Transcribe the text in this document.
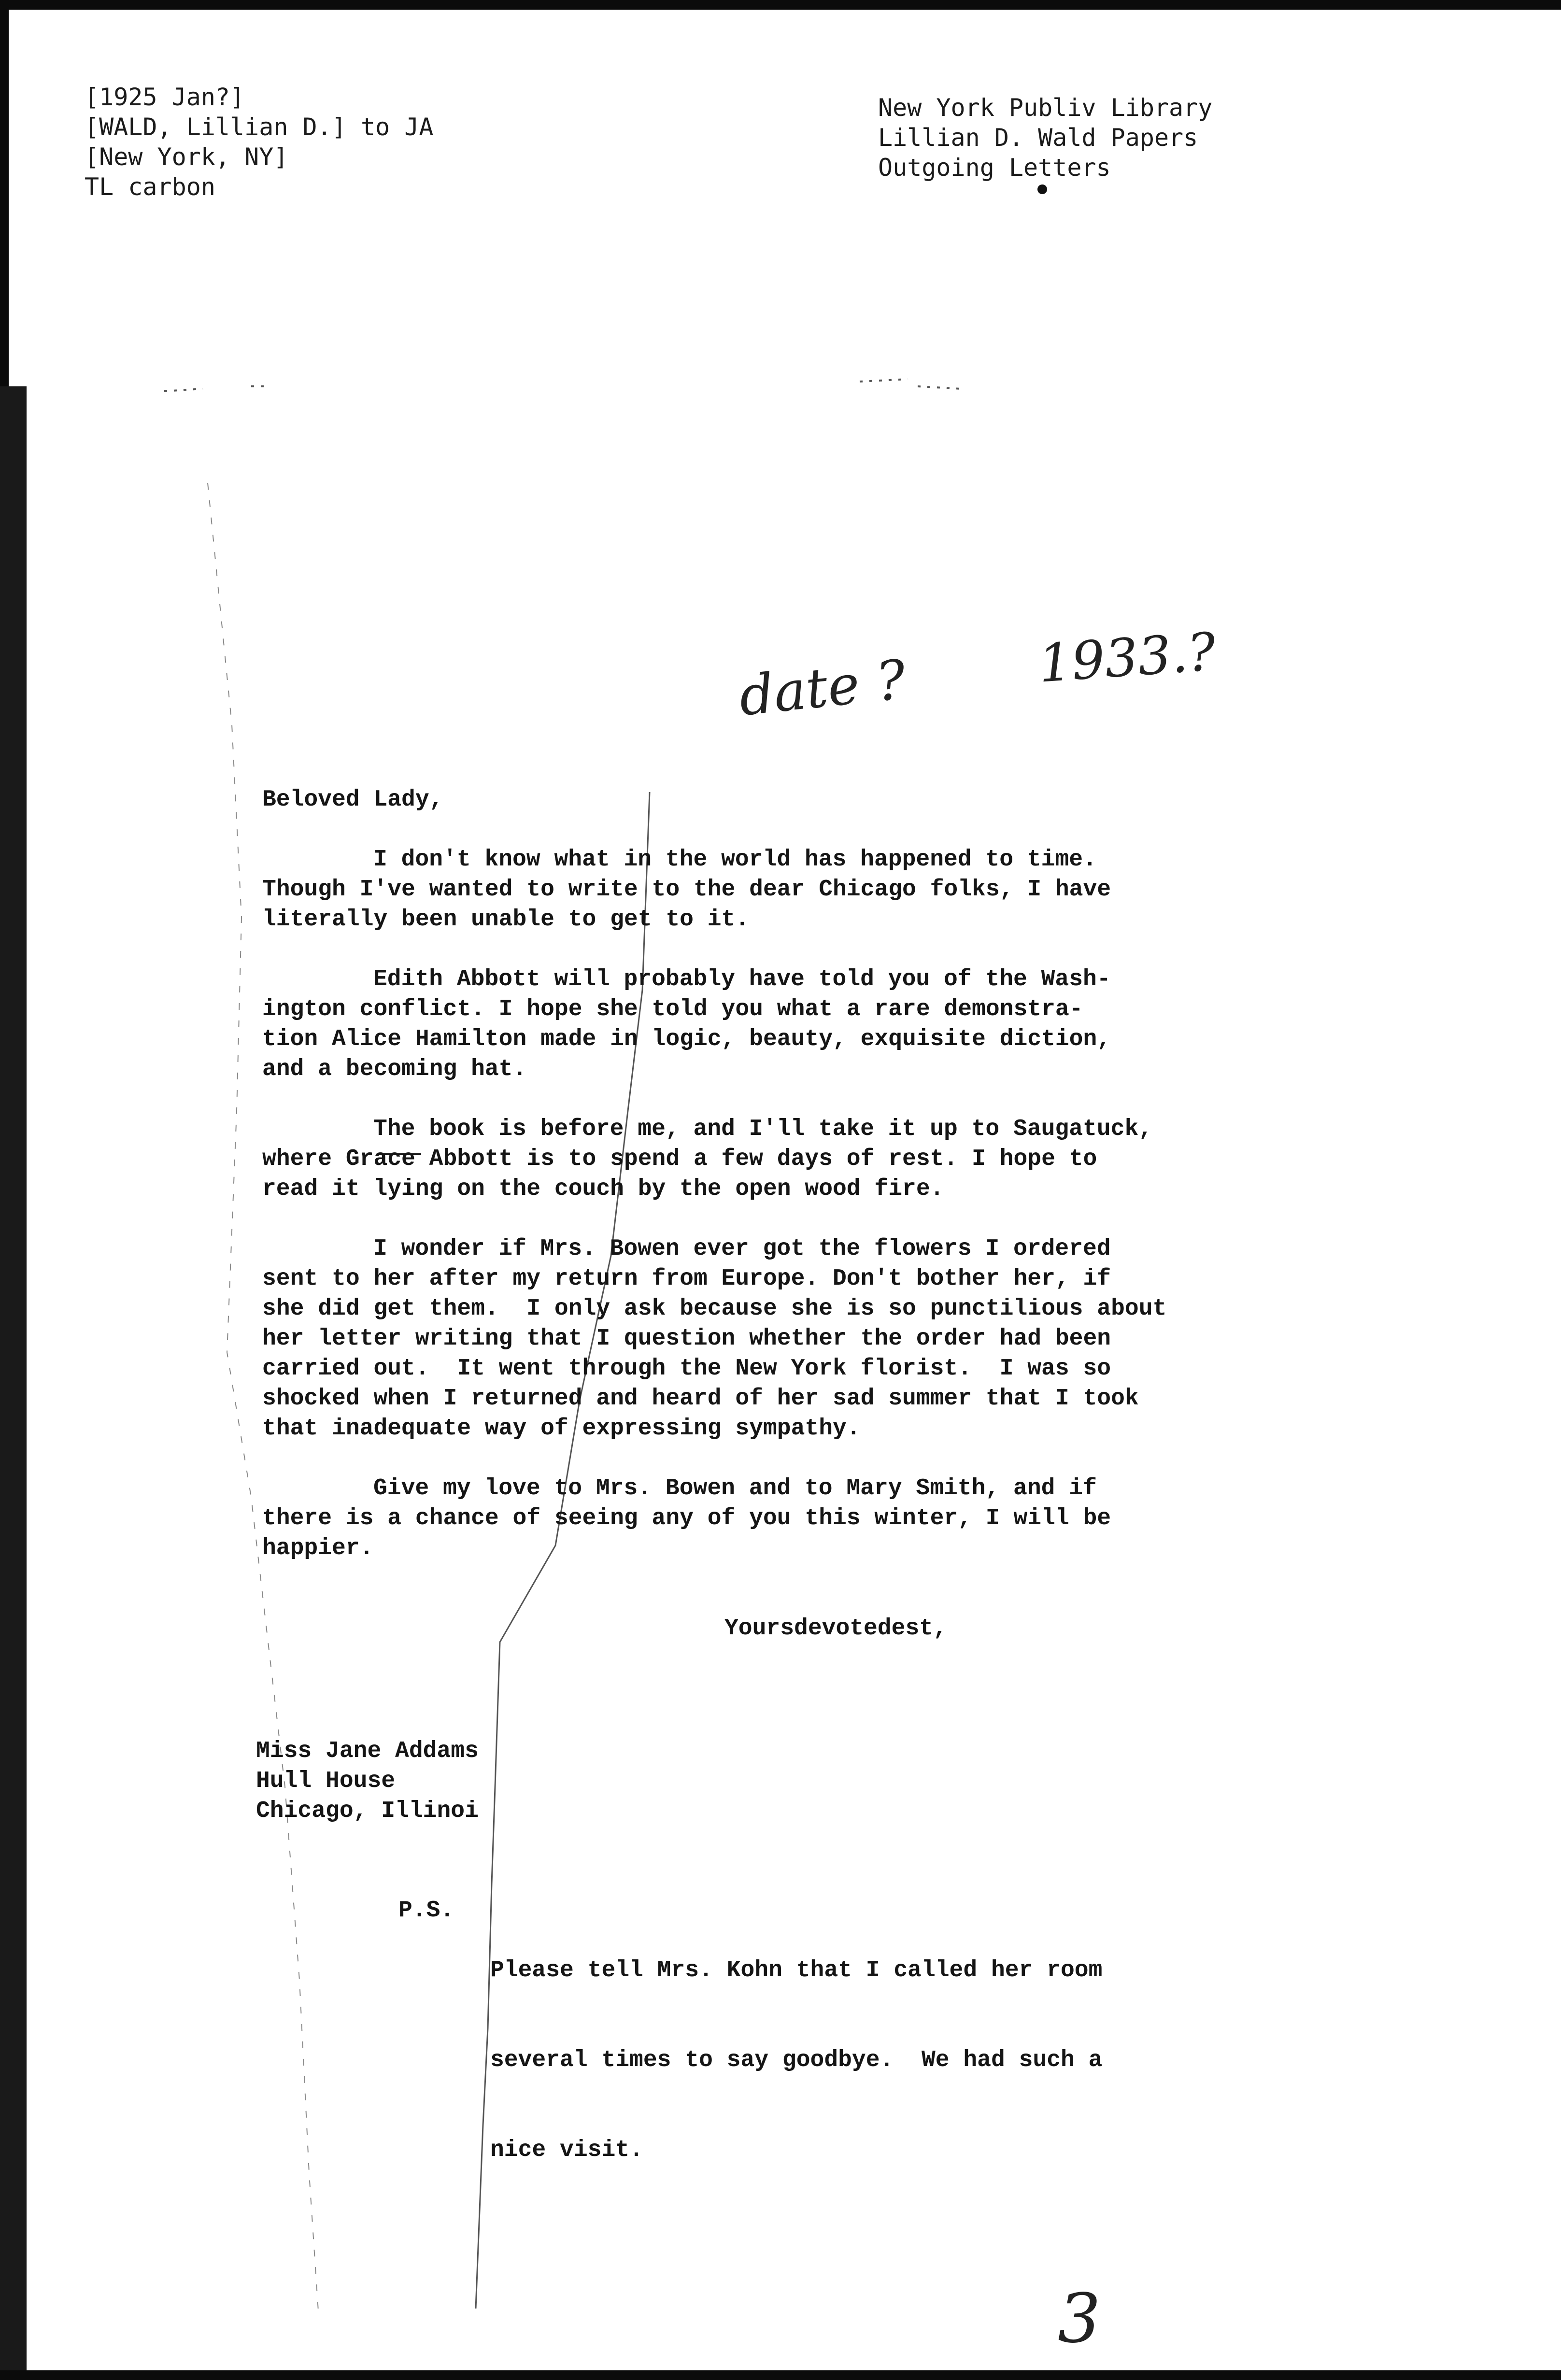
[1925 Jan?]
[WALD, Lillian D.] to JA
[New York, NY]
TL carbon
New York Publiv Library
Lillian D. Wald Papers
Outgoing Letters
date ? 1933.?
3

Beloved Lady,

I don't know what in the world has happened to time.

Though I've wanted to write to the dear Chicago folks, I have

literally been unable to get to it.

Edith Abbott will probably have told you of the Wash-

ington conflict. I hope she told you what a rare demonstra-

tion Alice Hamilton made in logic, beauty, exquisite diction,

and a becoming hat.

The book is before me, and I'll take it up to Saugatuck,

where Grace Abbott is to spend a few days of rest. I hope to

read it lying on the couch by the open wood fire.

I wonder if Mrs. Bowen ever got the flowers I ordered

sent to her after my return from Europe. Don't bother her, if

she did get them.  I only ask because she is so punctilious about

her letter writing that I question whether the order had been

carried out.  It went through the New York florist.  I was so

shocked when I returned and heard of her sad summer that I took

that inadequate way of expressing sympathy.

Give my love to Mrs. Bowen and to Mary Smith, and if

there is a chance of seeing any of you this winter, I will be

happier.

Yoursdevotedest,
Miss Jane Addams
Hull House
Chicago, Illinoi
P.S.

Please tell Mrs. Kohn that I called her room

several times to say goodbye.  We had such a

nice visit.
